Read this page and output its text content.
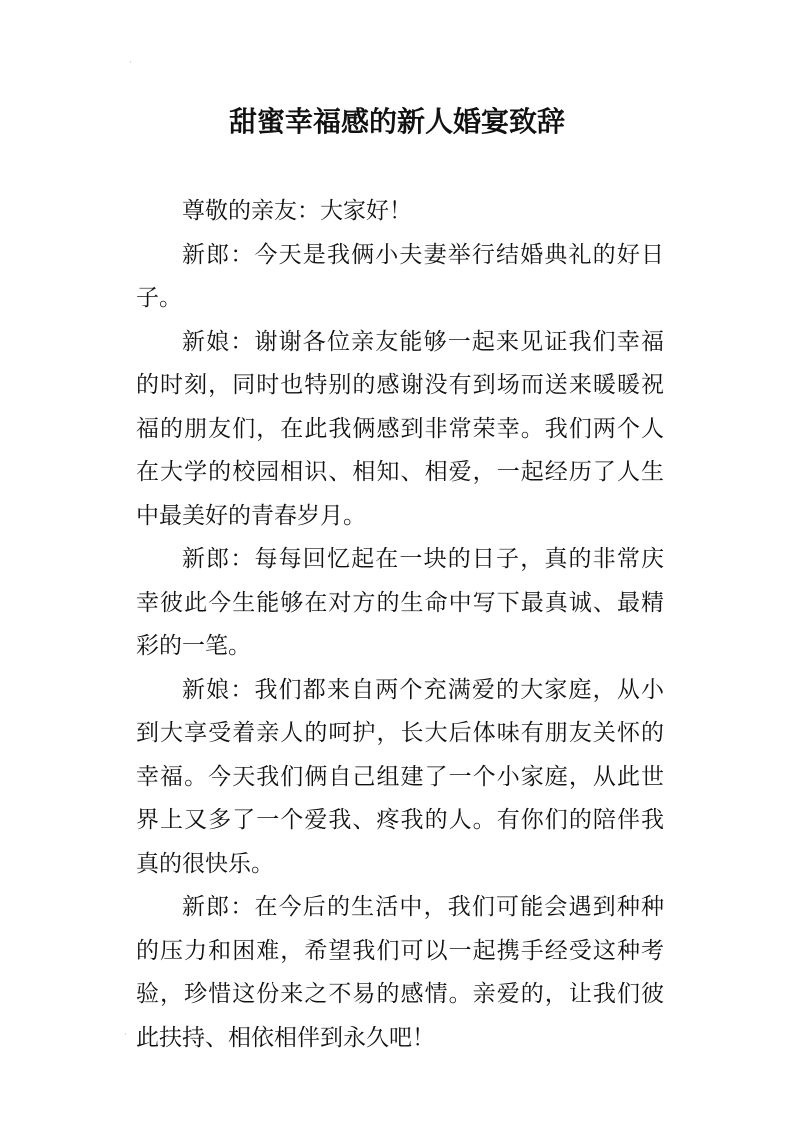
·
甜蜜幸福感的新人婚宴致辞

尊敬的亲友：大家好！

新郎：今天是我俩小夫妻举行结婚典礼的好日子。

新娘：谢谢各位亲友能够一起来见证我们幸福的时刻，同时也特别的感谢没有到场而送来暖暖祝福的朋友们，在此我俩感到非常荣幸。我们两个人在大学的校园相识、相知、相爱，一起经历了人生中最美好的青春岁月。

新郎：每每回忆起在一块的日子，真的非常庆幸彼此今生能够在对方的生命中写下最真诚、最精彩的一笔。

新娘：我们都来自两个充满爱的大家庭，从小到大享受着亲人的呵护，长大后体味有朋友关怀的幸福。今天我们俩自己组建了一个小家庭，从此世界上又多了一个爱我、疼我的人。有你们的陪伴我真的很快乐。

新郎：在今后的生活中，我们可能会遇到种种的压力和困难，希望我们可以一起携手经受这种考验，珍惜这份来之不易的感情。亲爱的，让我们彼此扶持、相依相伴到永久吧！

·
